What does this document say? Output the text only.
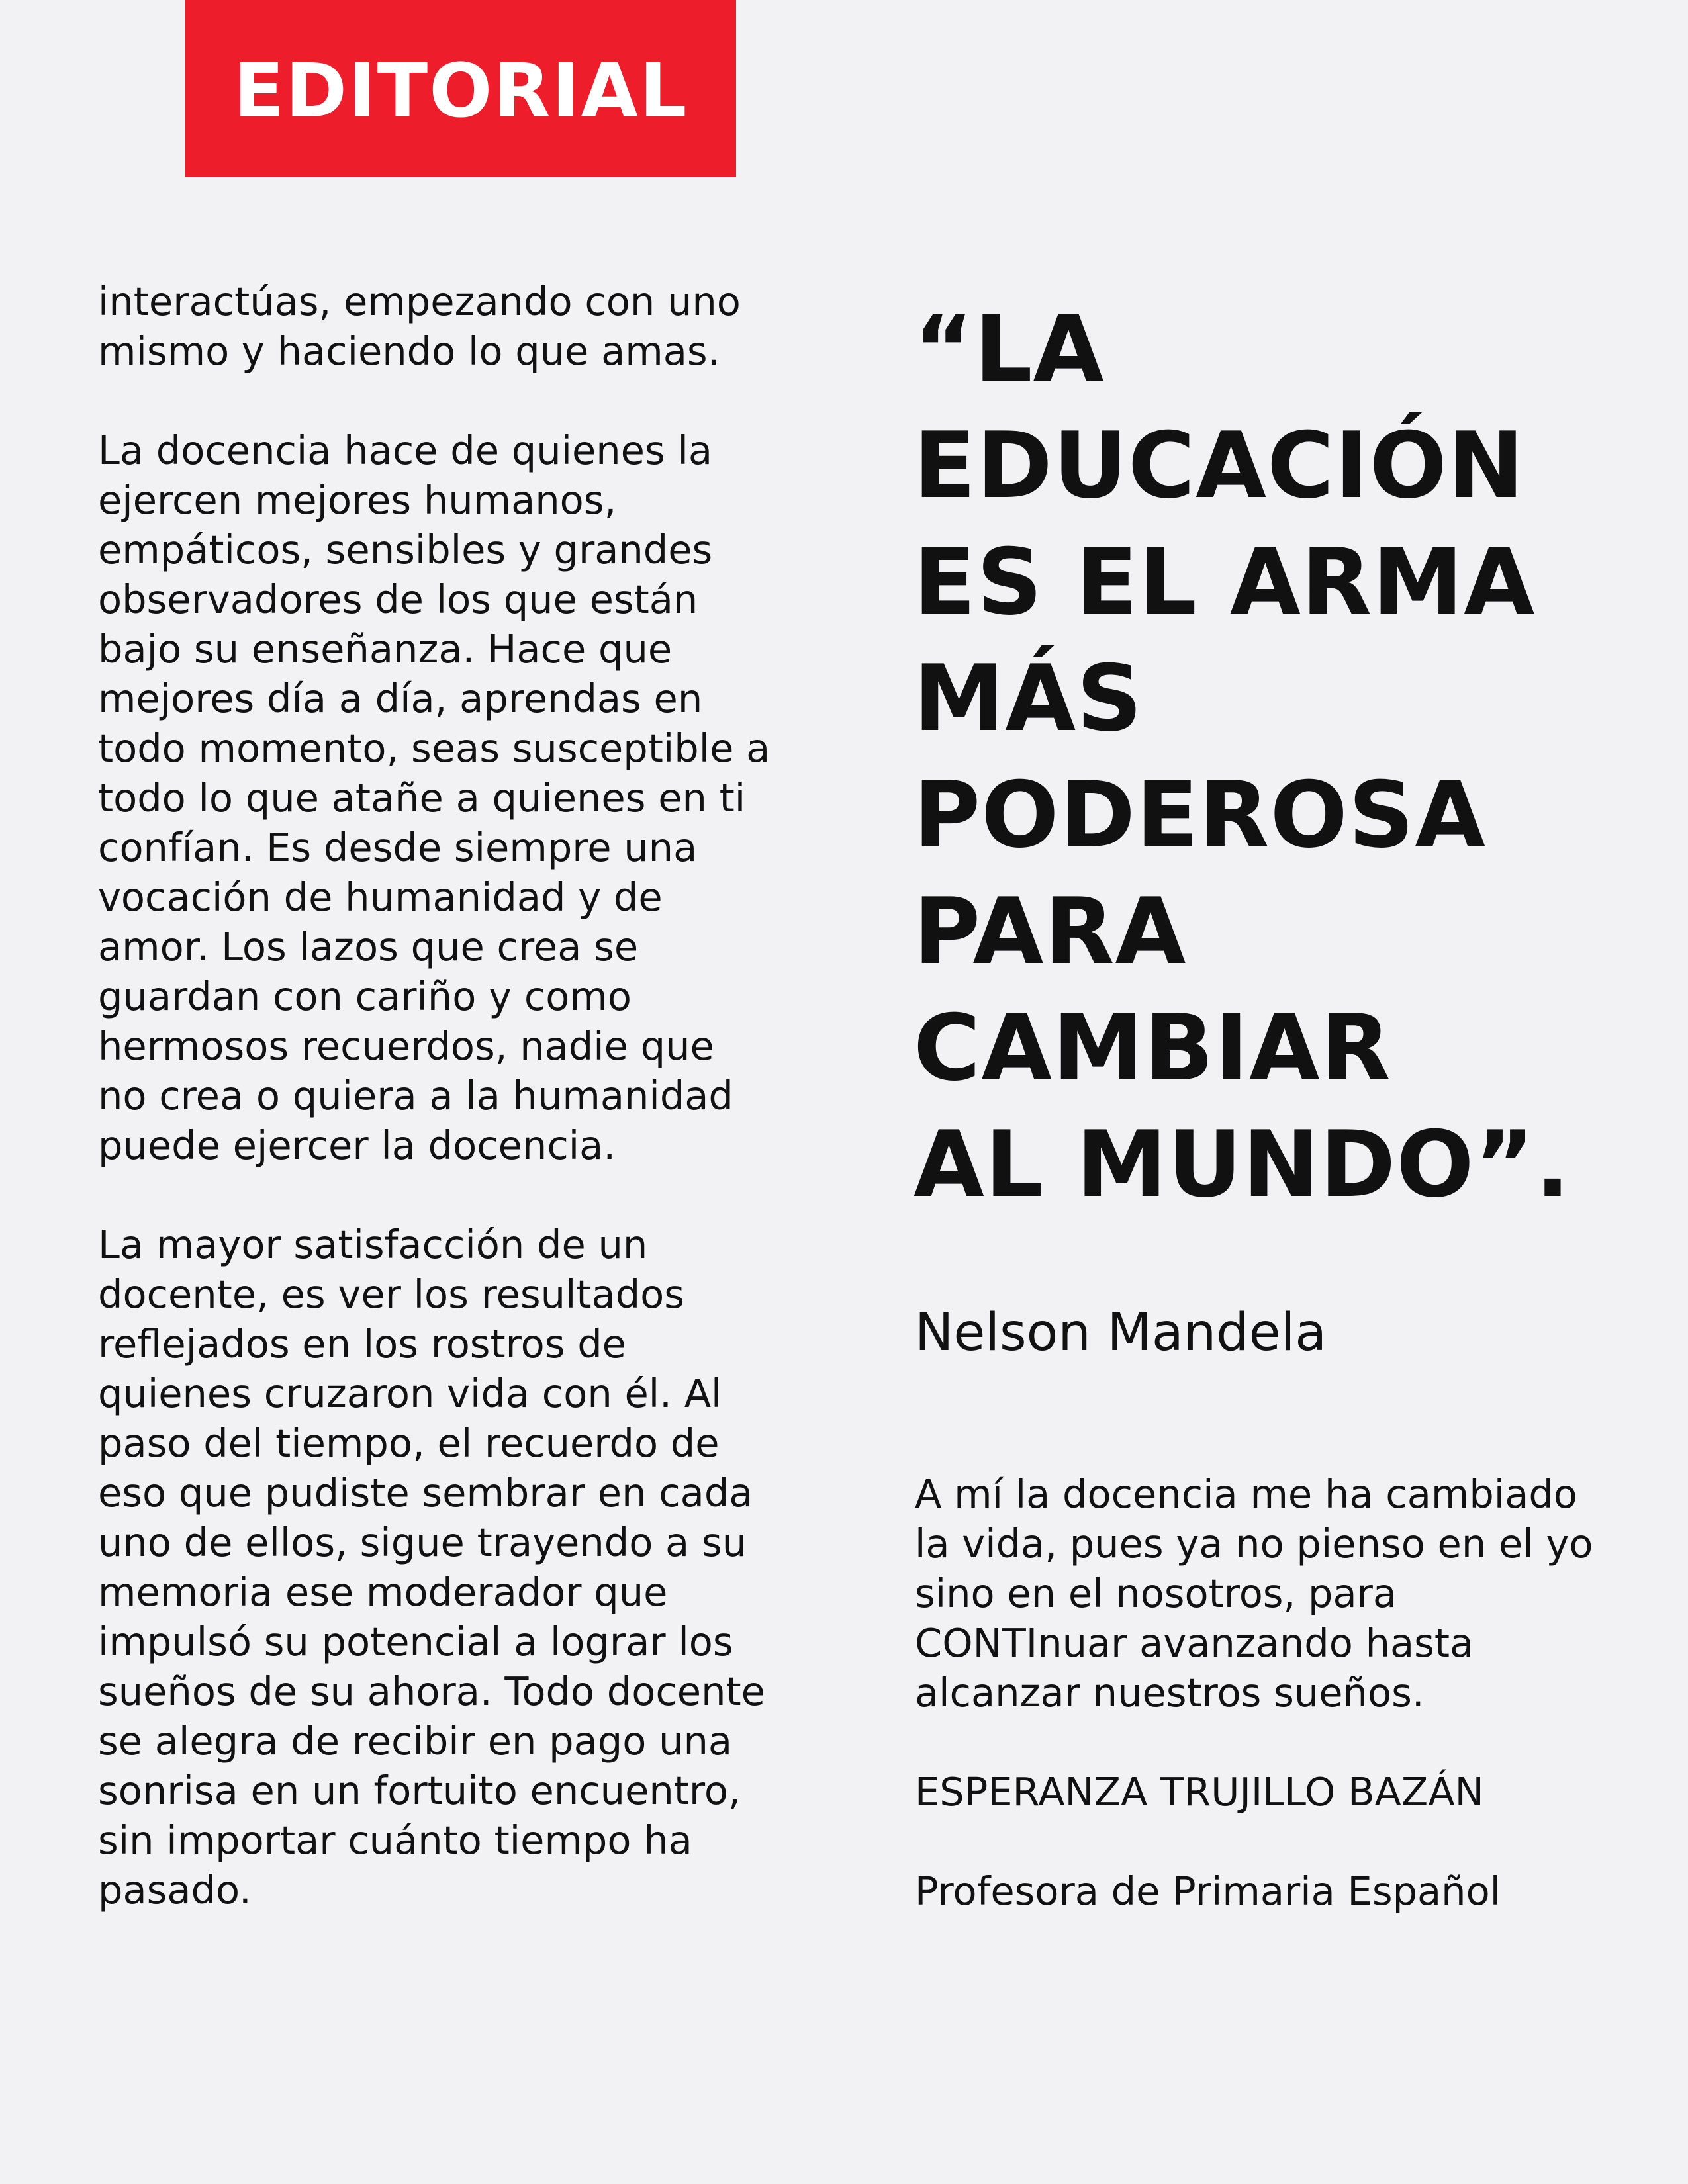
EDITORIAL

interactúas, empezando con uno
mismo y haciendo lo que amas.

La docencia hace de quienes la
ejercen mejores humanos,
empáticos, sensibles y grandes
observadores de los que están
bajo su enseñanza. Hace que
mejores día a día, aprendas en
todo momento, seas susceptible a
todo lo que atañe a quienes en ti
confían. Es desde siempre una
vocación de humanidad y de
amor. Los lazos que crea se
guardan con cariño y como
hermosos recuerdos, nadie que
no crea o quiera a la humanidad
puede ejercer la docencia.

La mayor satisfacción de un
docente, es ver los resultados
reflejados en los rostros de
quienes cruzaron vida con él. Al
paso del tiempo, el recuerdo de
eso que pudiste sembrar en cada
uno de ellos, sigue trayendo a su
memoria ese moderador que
impulsó su potencial a lograr los
sueños de su ahora. Todo docente
se alegra de recibir en pago una
sonrisa en un fortuito encuentro,
sin importar cuánto tiempo ha
pasado.

“LA
EDUCACIÓN
ES EL ARMA
MÁS
PODEROSA
PARA
CAMBIAR
AL MUNDO”.
Nelson Mandela

A mí la docencia me ha cambiado
la vida, pues ya no pienso en el yo
sino en el nosotros, para
CONTInuar avanzando hasta
alcanzar nuestros sueños.

ESPERANZA TRUJILLO BAZÁN

Profesora de Primaria Español
